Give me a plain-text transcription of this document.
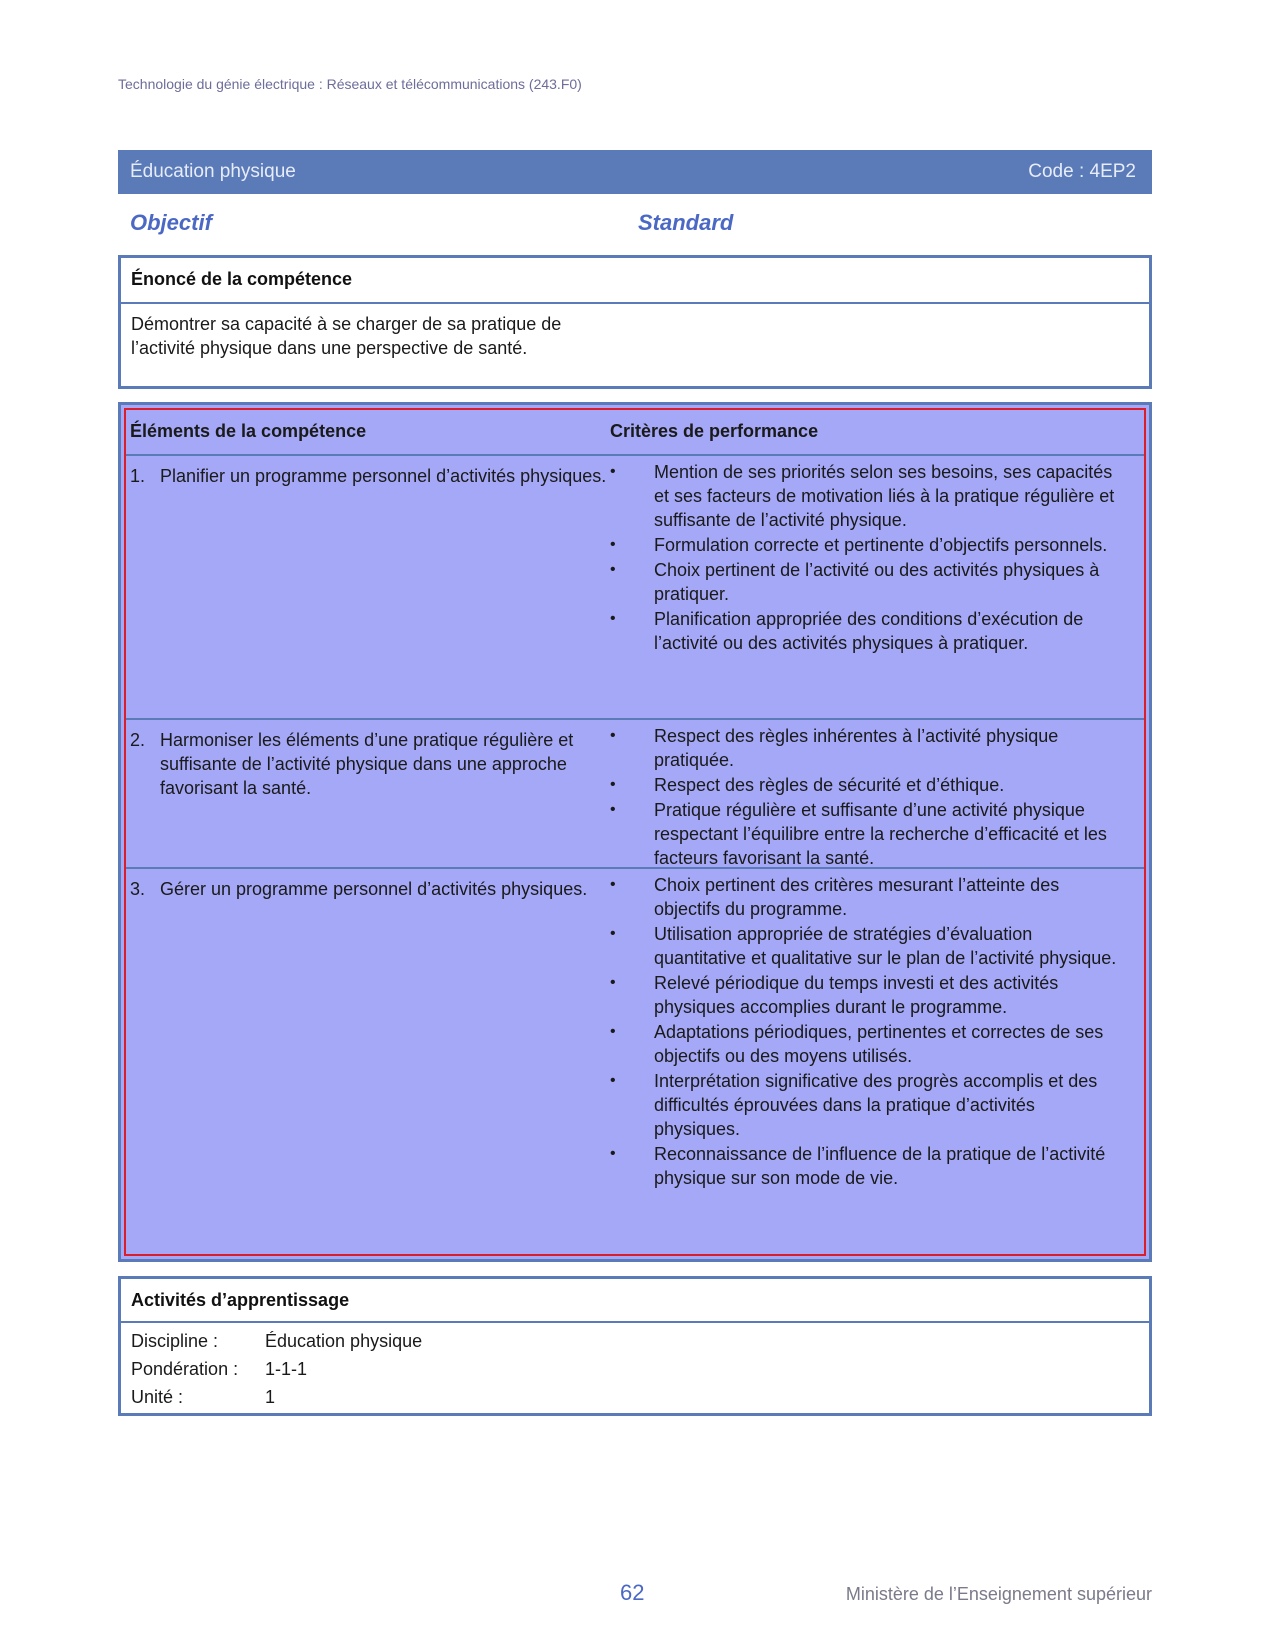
Technologie du génie électrique : Réseaux et télécommunications (243.F0)
Éducation physique	Code : 4EP2
Objectif	Standard
Énoncé de la compétence
Démontrer sa capacité à se charger de sa pratique de l’activité physique dans une perspective de santé.
Éléments de la compétence	Critères de performance
1. Planifier un programme personnel d’activités physiques. • Mention de ses priorités selon ses besoins, ses capacités et ses facteurs de motivation liés à la pratique régulière et suffisante de l’activité physique.
• Formulation correcte et pertinente d’objectifs personnels.
• Choix pertinent de l’activité ou des activités physiques à pratiquer.
• Planification appropriée des conditions d’exécution de l’activité ou des activités physiques à pratiquer.
2. Harmoniser les éléments d’une pratique régulière et suffisante de l’activité physique dans une approche favorisant la santé.
• Respect des règles inhérentes à l’activité physique pratiquée.
• Respect des règles de sécurité et d’éthique.
• Pratique régulière et suffisante d’une activité physique respectant l’équilibre entre la recherche d’efficacité et les facteurs favorisant la santé.
3. Gérer un programme personnel d’activités physiques.	• Choix pertinent des critères mesurant l’atteinte des objectifs du programme.
• Utilisation appropriée de stratégies d’évaluation quantitative et qualitative sur le plan de l’activité physique.
• Relevé périodique du temps investi et des activités physiques accomplies durant le programme.
• Adaptations périodiques, pertinentes et correctes de ses objectifs ou des moyens utilisés.
• Interprétation significative des progrès accomplis et des difficultés éprouvées dans la pratique d’activités physiques.
• Reconnaissance de l’influence de la pratique de l’activité physique sur son mode de vie.
Activités d’apprentissage
Discipline :	Éducation physique
Pondération : 1-1-1
Unité :	1
62	Ministère de l’Enseignement supérieur
